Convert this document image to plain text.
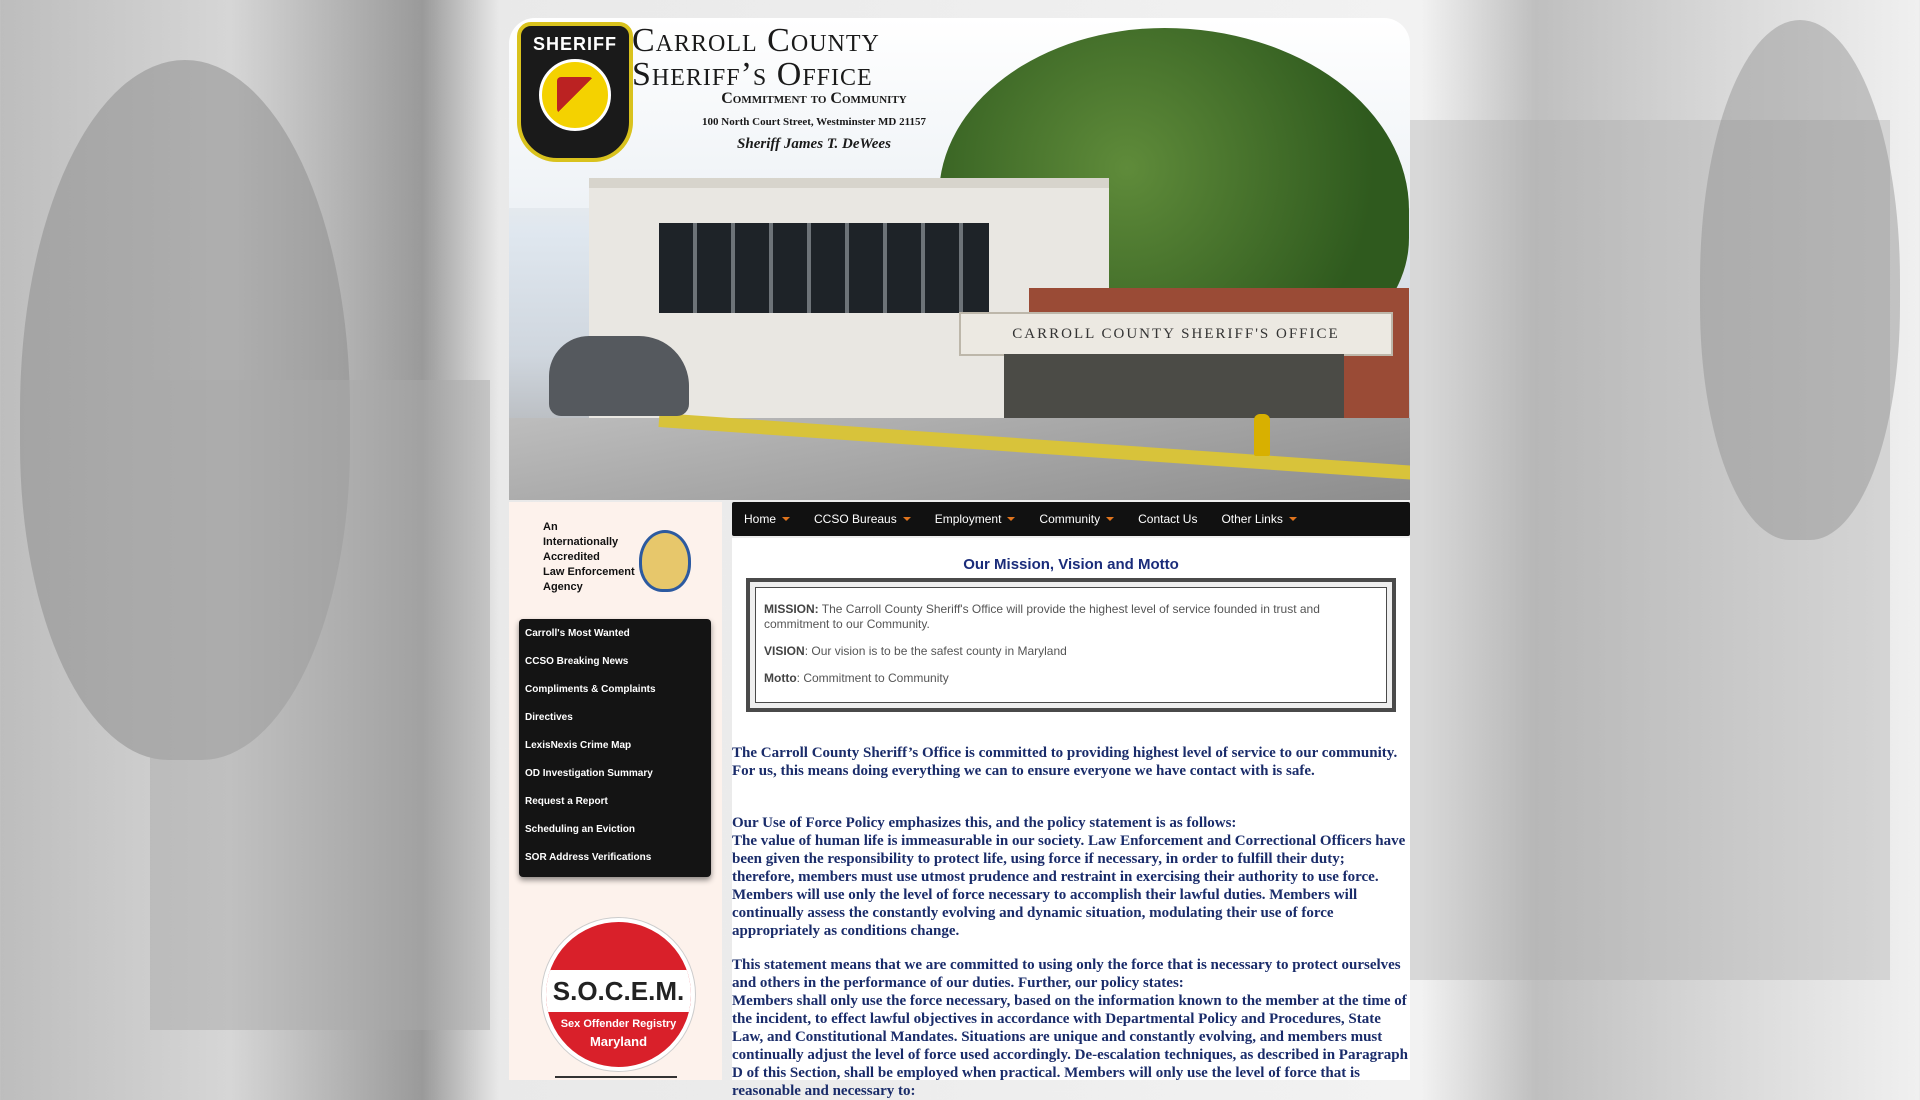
CARROLL COUNTY SHERIFF'S OFFICE
SHERIFF Carroll County
Sheriff’s Office
Commitment to Community
100 North Court Street, Westminster MD 21157
Sheriff James T. DeWees
An
Internationally
Accredited
Law Enforcement
Agency
Carroll's Most Wanted
CCSO Breaking News
Compliments & Complaints
Directives
LexisNexis Crime Map
OD Investigation Summary
Request a Report
Scheduling an Eviction
SOR Address Verifications
S.O.C.E.M.
Sex Offender Registry
Maryland
Home	CCSO Bureaus	Employment	Community	Contact Us Other Links
Our Mission, Vision and Motto
MISSION: The Carroll County Sheriff's Office will provide the highest level of service founded in trust and commitment to our Community.
VISION: Our vision is to be the safest county in Maryland
Motto: Commitment to Community
The Carroll County Sheriff’s Office is committed to providing highest level of service to our community. For us, this means doing everything we can to ensure everyone we have contact with is safe.
Our Use of Force Policy emphasizes this, and the policy statement is as follows:
The value of human life is immeasurable in our society. Law Enforcement and Correctional Officers have been given the responsibility to protect life, using force if necessary, in order to fulfill their duty; therefore, members must use utmost prudence and restraint in exercising their authority to use force. Members will use only the level of force necessary to accomplish their lawful duties. Members will continually assess the constantly evolving and dynamic situation, modulating their use of force appropriately as conditions change.
This statement means that we are committed to using only the force that is necessary to protect ourselves and others in the performance of our duties. Further, our policy states:
Members shall only use the force necessary, based on the information known to the member at the time of the incident, to effect lawful objectives in accordance with Departmental Policy and Procedures, State Law, and Constitutional Mandates. Situations are unique and constantly evolving, and members must continually adjust the level of force used accordingly. De-escalation techniques, as described in Paragraph D of this Section, shall be employed when practical. Members will only use the level of force that is reasonable and necessary to:
